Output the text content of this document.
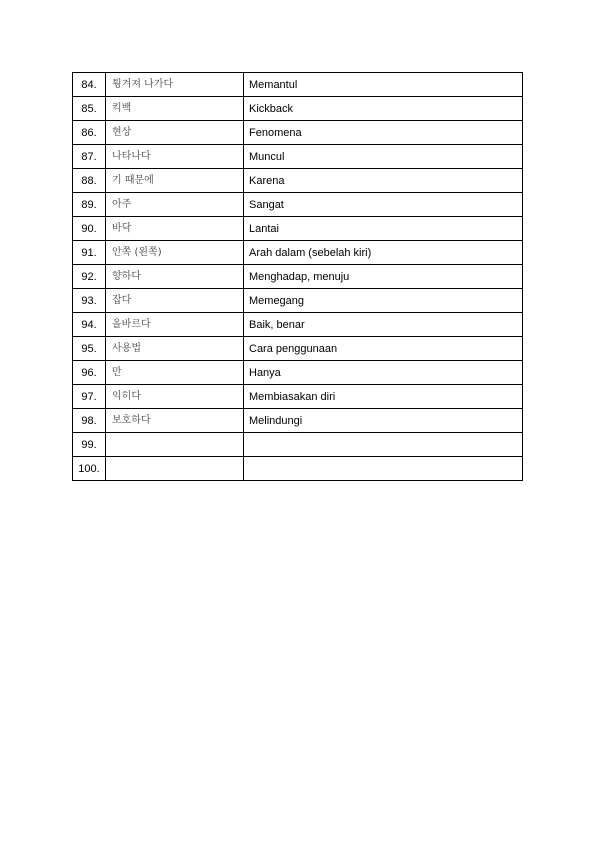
84.	튕겨져 나가다	Memantul
85.	킥백	Kickback
86.	현상	Fenomena
87.	나타나다	Muncul
88.	기 때문에	Karena
89.	아주	Sangat
90.	바닥	Lantai
91.	안쪽 (왼쪽)	Arah dalam (sebelah kiri)
92.	향하다	Menghadap, menuju
93.	잡다	Memegang
94.	올바르다	Baik, benar
95.	사용법	Cara penggunaan
96.	만	Hanya
97.	익히다	Membiasakan diri
98.	보호하다	Melindungi
99.		
100.		
